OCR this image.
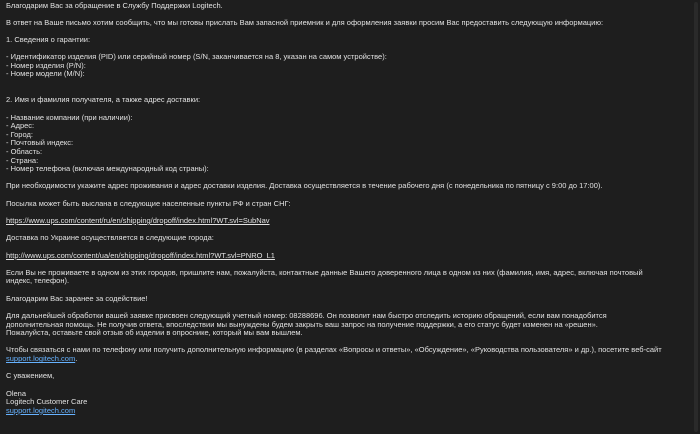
Благодарим Вас за обращение в Службу Поддержки Logitech.
В ответ на Ваше письмо хотим сообщить, что мы готовы прислать Вам запасной приемник и для оформления заявки просим Вас предоставить следующую информацию:
1. Сведения о гарантии:
- Идентификатор изделия (PID) или серийный номер (S/N, заканчивается на 8, указан на самом устройстве):
- Номер изделия (P/N):
- Номер модели (M/N):
2. Имя и фамилия получателя, а также адрес доставки:
- Название компании (при наличии):
- Адрес:
- Город:
- Почтовый индекс:
- Область:
- Страна:
- Номер телефона (включая международный код страны):
При необходимости укажите адрес проживания и адрес доставки изделия. Доставка осуществляется в течение рабочего дня (с понедельника по пятницу с 9:00 до 17:00).
Посылка может быть выслана в следующие населенные пункты РФ и стран СНГ:
https://www.ups.com/content/ru/en/shipping/dropoff/index.html?WT.svl=SubNav
Доставка по Украине осуществляется в следующие города:
http://www.ups.com/content/ua/en/shipping/dropoff/index.html?WT.svl=PNRO_L1
Если Вы не проживаете в одном из этих городов, пришлите нам, пожалуйста, контактные данные Вашего доверенного лица в одном из них (фамилия, имя, адрес, включая почтовый индекс, телефон).
Благодарим Вас заранее за содействие!
Для дальнейшей обработки вашей заявке присвоен следующий учетный номер: 08288696. Он позволит нам быстро отследить историю обращений, если вам понадобится дополнительная помощь. Не получив ответа, впоследствии мы вынуждены будем закрыть ваш запрос на получение поддержки, а его статус будет изменен на «решен». Пожалуйста, оставьте свой отзыв об изделии в опроснике, который мы вам вышлем.
Чтобы связаться с нами по телефону или получить дополнительную информацию (в разделах «Вопросы и ответы», «Обсуждение», «Руководства пользователя» и др.), посетите веб-сайт support.logitech.com.
С уважением,
Olena
Logitech Customer Care
support.logitech.com
